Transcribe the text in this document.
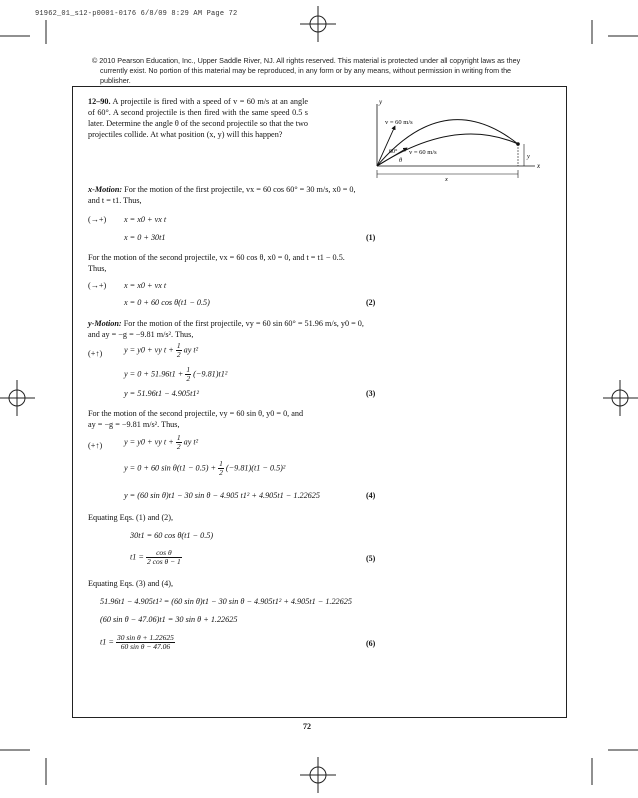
91962_01_s12-p0001-0176 6/8/09 8:29 AM Page 72
© 2010 Pearson Education, Inc., Upper Saddle River, NJ. All rights reserved. This material is protected under all copyright laws as they currently exist. No portion of this material may be reproduced, in any form or by any means, without permission in writing from the publisher.
12–90. A projectile is fired with a speed of v = 60 m/s at an angle of 60°. A second projectile is then fired with the same speed 0.5 s later. Determine the angle θ of the second projectile so that the two projectiles collide. At what position (x, y) will this happen?
y
x
v = 60 m/s
v = 60 m/s
60°
θ
x
y
x-Motion: For the motion of the first projectile, vx = 60 cos 60° = 30 m/s, x0 = 0,
and t = t1. Thus,
(→+) x = x0 + vx t
x = 0 + 30t1	(1)
For the motion of the second projectile, vx = 60 cos θ, x0 = 0, and t = t1 − 0.5.
Thus,
(→+) x = x0 + vx t
x = 0 + 60 cos θ(t1 − 0.5)	(2)
y-Motion: For the motion of the first projectile, vy = 60 sin 60° = 51.96 m/s, y0 = 0,
and ay = −g = −9.81 m/s². Thus,
(+↑)	y = y0 + vy $t + \frac{1}{2}$ ay t²
$y = 0 + 51.96t1 + \frac{1}{2} (-9.81)t1^2$
y = 51.96t1 − 4.905t1²	(3)
For the motion of the second projectile, vy = 60 sin θ, y0 = 0, and
ay = −g = −9.81 m/s². Thus,
(+↑)	y = y0 + vy $t + \frac{1}{2}$ ay t²
y = 0 + 60 $\sin \theta(t1 - 0.5) + \frac{1}{2} (-9.81)(t1 - 0.5)^2$
y = (60 sin θ)t1 − 30 sin θ − 4.905 t1² + 4.905t1 − 1.22625	(4)
Equating Eqs. (1) and (2),
30t1 = 60 cos θ(t1 − 0.5)
$t1 = \frac{\text{cos θ}}{\text{2 cos θ − 1}}$	(5)
Equating Eqs. (3) and (4),
51.96t1 − 4.905t1² = (60 sin θ)t1 − 30 sin θ − 4.905t1² + 4.905t1 − 1.22625
(60 sin θ − 47.06)t1 = 30 sin θ + 1.22625
$t1 = \frac{\text{30 sin θ + 1.22625}}{\text{60 sin θ − 47.06}}$	(6)
72
